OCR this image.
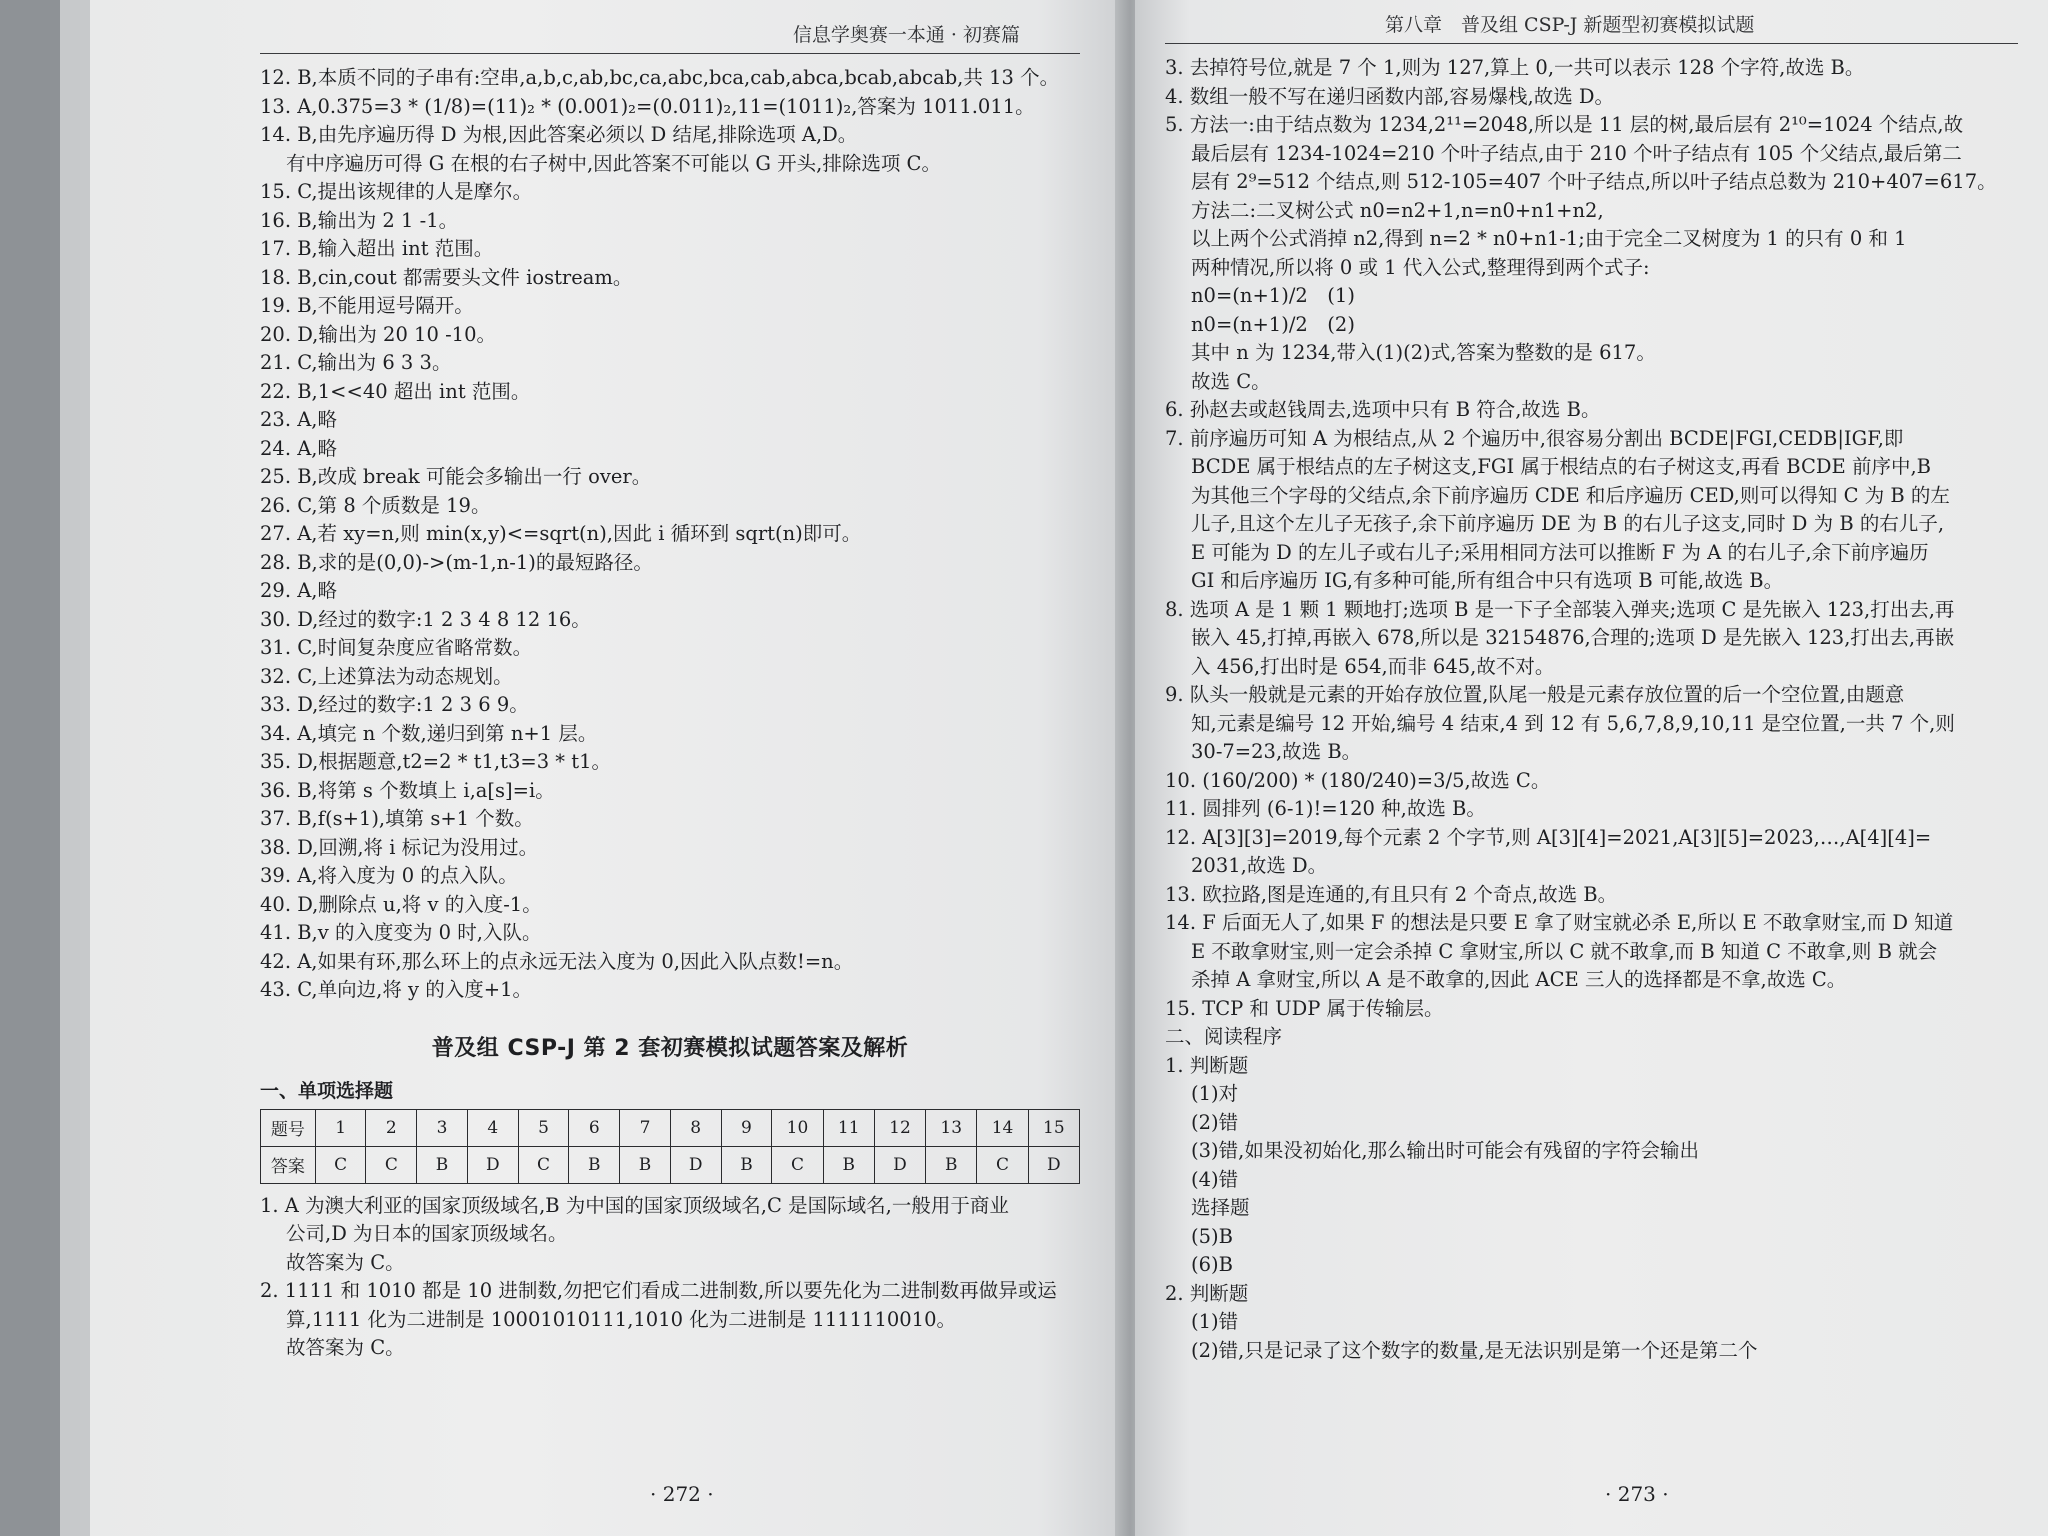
信息学奥赛一本通 · 初赛篇
12. B,本质不同的子串有:空串,a,b,c,ab,bc,ca,abc,bca,cab,abca,bcab,abcab,共 13 个。
13. A,0.375=3 * (1/8)=(11)₂ * (0.001)₂=(0.011)₂,11=(1011)₂,答案为 1011.011。
14. B,由先序遍历得 D 为根,因此答案必须以 D 结尾,排除选项 A,D。
有中序遍历可得 G 在根的右子树中,因此答案不可能以 G 开头,排除选项 C。
15. C,提出该规律的人是摩尔。
16. B,输出为 2 1 -1。
17. B,输入超出 int 范围。
18. B,cin,cout 都需要头文件 iostream。
19. B,不能用逗号隔开。
20. D,输出为 20 10 -10。
21. C,输出为 6 3 3。
22. B,1<<40 超出 int 范围。
23. A,略
24. A,略
25. B,改成 break 可能会多输出一行 over。
26. C,第 8 个质数是 19。
27. A,若 xy=n,则 min(x,y)<=sqrt(n),因此 i 循环到 sqrt(n)即可。
28. B,求的是(0,0)->(m-1,n-1)的最短路径。
29. A,略
30. D,经过的数字:1 2 3 4 8 12 16。
31. C,时间复杂度应省略常数。
32. C,上述算法为动态规划。
33. D,经过的数字:1 2 3 6 9。
34. A,填完 n 个数,递归到第 n+1 层。
35. D,根据题意,t2=2 * t1,t3=3 * t1。
36. B,将第 s 个数填上 i,a[s]=i。
37. B,f(s+1),填第 s+1 个数。
38. D,回溯,将 i 标记为没用过。
39. A,将入度为 0 的点入队。
40. D,删除点 u,将 v 的入度-1。
41. B,v 的入度变为 0 时,入队。
42. A,如果有环,那么环上的点永远无法入度为 0,因此入队点数!=n。
43. C,单向边,将 y 的入度+1。
普及组 CSP-J 第 2 套初赛模拟试题答案及解析
一、单项选择题
题号	1	2	3	4	5	6	7	8	9	10	11	12	13	14	15
答案	C	C	B	D	C	B	B	D	B	C	B	D	B	C	D
1. A 为澳大利亚的国家顶级域名,B 为中国的国家顶级域名,C 是国际域名,一般用于商业
公司,D 为日本的国家顶级域名。
故答案为 C。
2. 1111 和 1010 都是 10 进制数,勿把它们看成二进制数,所以要先化为二进制数再做异或运
算,1111 化为二进制是 10001010111,1010 化为二进制是 1111110010。
故答案为 C。
· 272 ·
第八章　普及组 CSP-J 新题型初赛模拟试题
3. 去掉符号位,就是 7 个 1,则为 127,算上 0,一共可以表示 128 个字符,故选 B。
4. 数组一般不写在递归函数内部,容易爆栈,故选 D。
5. 方法一:由于结点数为 1234,2¹¹=2048,所以是 11 层的树,最后层有 2¹⁰=1024 个结点,故
最后层有 1234-1024=210 个叶子结点,由于 210 个叶子结点有 105 个父结点,最后第二
层有 2⁹=512 个结点,则 512-105=407 个叶子结点,所以叶子结点总数为 210+407=617。
方法二:二叉树公式 n0=n2+1,n=n0+n1+n2,
以上两个公式消掉 n2,得到 n=2 * n0+n1-1;由于完全二叉树度为 1 的只有 0 和 1
两种情况,所以将 0 或 1 代入公式,整理得到两个式子:
n0=(n+1)/2　(1)
n0=(n+1)/2　(2)
其中 n 为 1234,带入(1)(2)式,答案为整数的是 617。
故选 C。
6. 孙赵去或赵钱周去,选项中只有 B 符合,故选 B。
7. 前序遍历可知 A 为根结点,从 2 个遍历中,很容易分割出 BCDE|FGI,CEDB|IGF,即
BCDE 属于根结点的左子树这支,FGI 属于根结点的右子树这支,再看 BCDE 前序中,B
为其他三个字母的父结点,余下前序遍历 CDE 和后序遍历 CED,则可以得知 C 为 B 的左
儿子,且这个左儿子无孩子,余下前序遍历 DE 为 B 的右儿子这支,同时 D 为 B 的右儿子,
E 可能为 D 的左儿子或右儿子;采用相同方法可以推断 F 为 A 的右儿子,余下前序遍历
GI 和后序遍历 IG,有多种可能,所有组合中只有选项 B 可能,故选 B。
8. 选项 A 是 1 颗 1 颗地打;选项 B 是一下子全部装入弹夹;选项 C 是先嵌入 123,打出去,再
嵌入 45,打掉,再嵌入 678,所以是 32154876,合理的;选项 D 是先嵌入 123,打出去,再嵌
入 456,打出时是 654,而非 645,故不对。
9. 队头一般就是元素的开始存放位置,队尾一般是元素存放位置的后一个空位置,由题意
知,元素是编号 12 开始,编号 4 结束,4 到 12 有 5,6,7,8,9,10,11 是空位置,一共 7 个,则
30-7=23,故选 B。
10. (160/200) * (180/240)=3/5,故选 C。
11. 圆排列 (6-1)!=120 种,故选 B。
12. A[3][3]=2019,每个元素 2 个字节,则 A[3][4]=2021,A[3][5]=2023,…,A[4][4]=
2031,故选 D。
13. 欧拉路,图是连通的,有且只有 2 个奇点,故选 B。
14. F 后面无人了,如果 F 的想法是只要 E 拿了财宝就必杀 E,所以 E 不敢拿财宝,而 D 知道
E 不敢拿财宝,则一定会杀掉 C 拿财宝,所以 C 就不敢拿,而 B 知道 C 不敢拿,则 B 就会
杀掉 A 拿财宝,所以 A 是不敢拿的,因此 ACE 三人的选择都是不拿,故选 C。
15. TCP 和 UDP 属于传输层。
二、阅读程序
1. 判断题
(1)对
(2)错
(3)错,如果没初始化,那么输出时可能会有残留的字符会输出
(4)错
选择题
(5)B
(6)B
2. 判断题
(1)错
(2)错,只是记录了这个数字的数量,是无法识别是第一个还是第二个
· 273 ·
